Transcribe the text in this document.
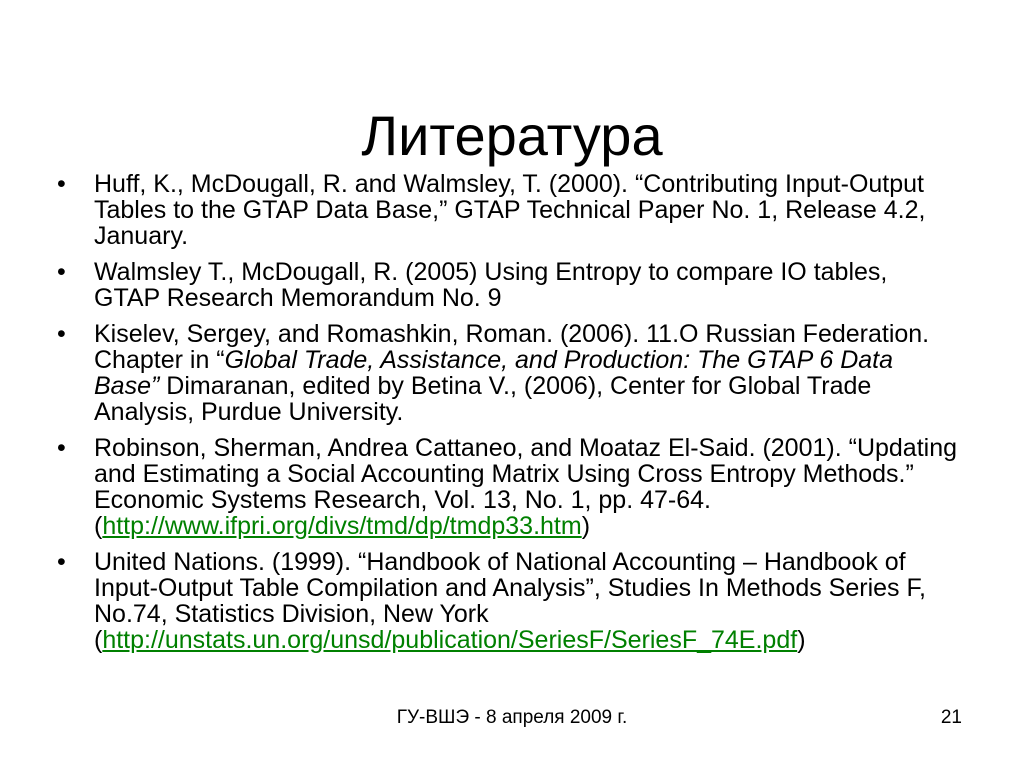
Литература
•	Huff, K., McDougall, R. and Walmsley, T. (2000). “Contributing Input-Output Tables to the GTAP Data Base,” GTAP Technical Paper No. 1, Release 4.2, January.
•	Walmsley T., McDougall, R. (2005) Using Entropy to compare IO tables, GTAP Research Memorandum No. 9
•	Kiselev, Sergey, and Romashkin, Roman. (2006). 11.O Russian Federation. Chapter in “Global Trade, Assistance, and Production: The GTAP 6 Data Base” Dimaranan, edited by Betina V., (2006), Center for Global Trade Analysis, Purdue University.
•	Robinson, Sherman, Andrea Cattaneo, and Moataz El-Said. (2001). “Updating and Estimating a Social Accounting Matrix Using Cross Entropy Methods.” Economic Systems Research, Vol. 13, No. 1, pp. 47-64. (http://www.ifpri.org/divs/tmd/dp/tmdp33.htm)
•	United Nations. (1999). “Handbook of National Accounting – Handbook of Input-Output Table Compilation and Analysis”, Studies In Methods Series F, No.74, Statistics Division, New York (http://unstats.un.org/unsd/publication/SeriesF/SeriesF_74E.pdf)
ГУ-ВШЭ - 8 апреля 2009 г.	21
